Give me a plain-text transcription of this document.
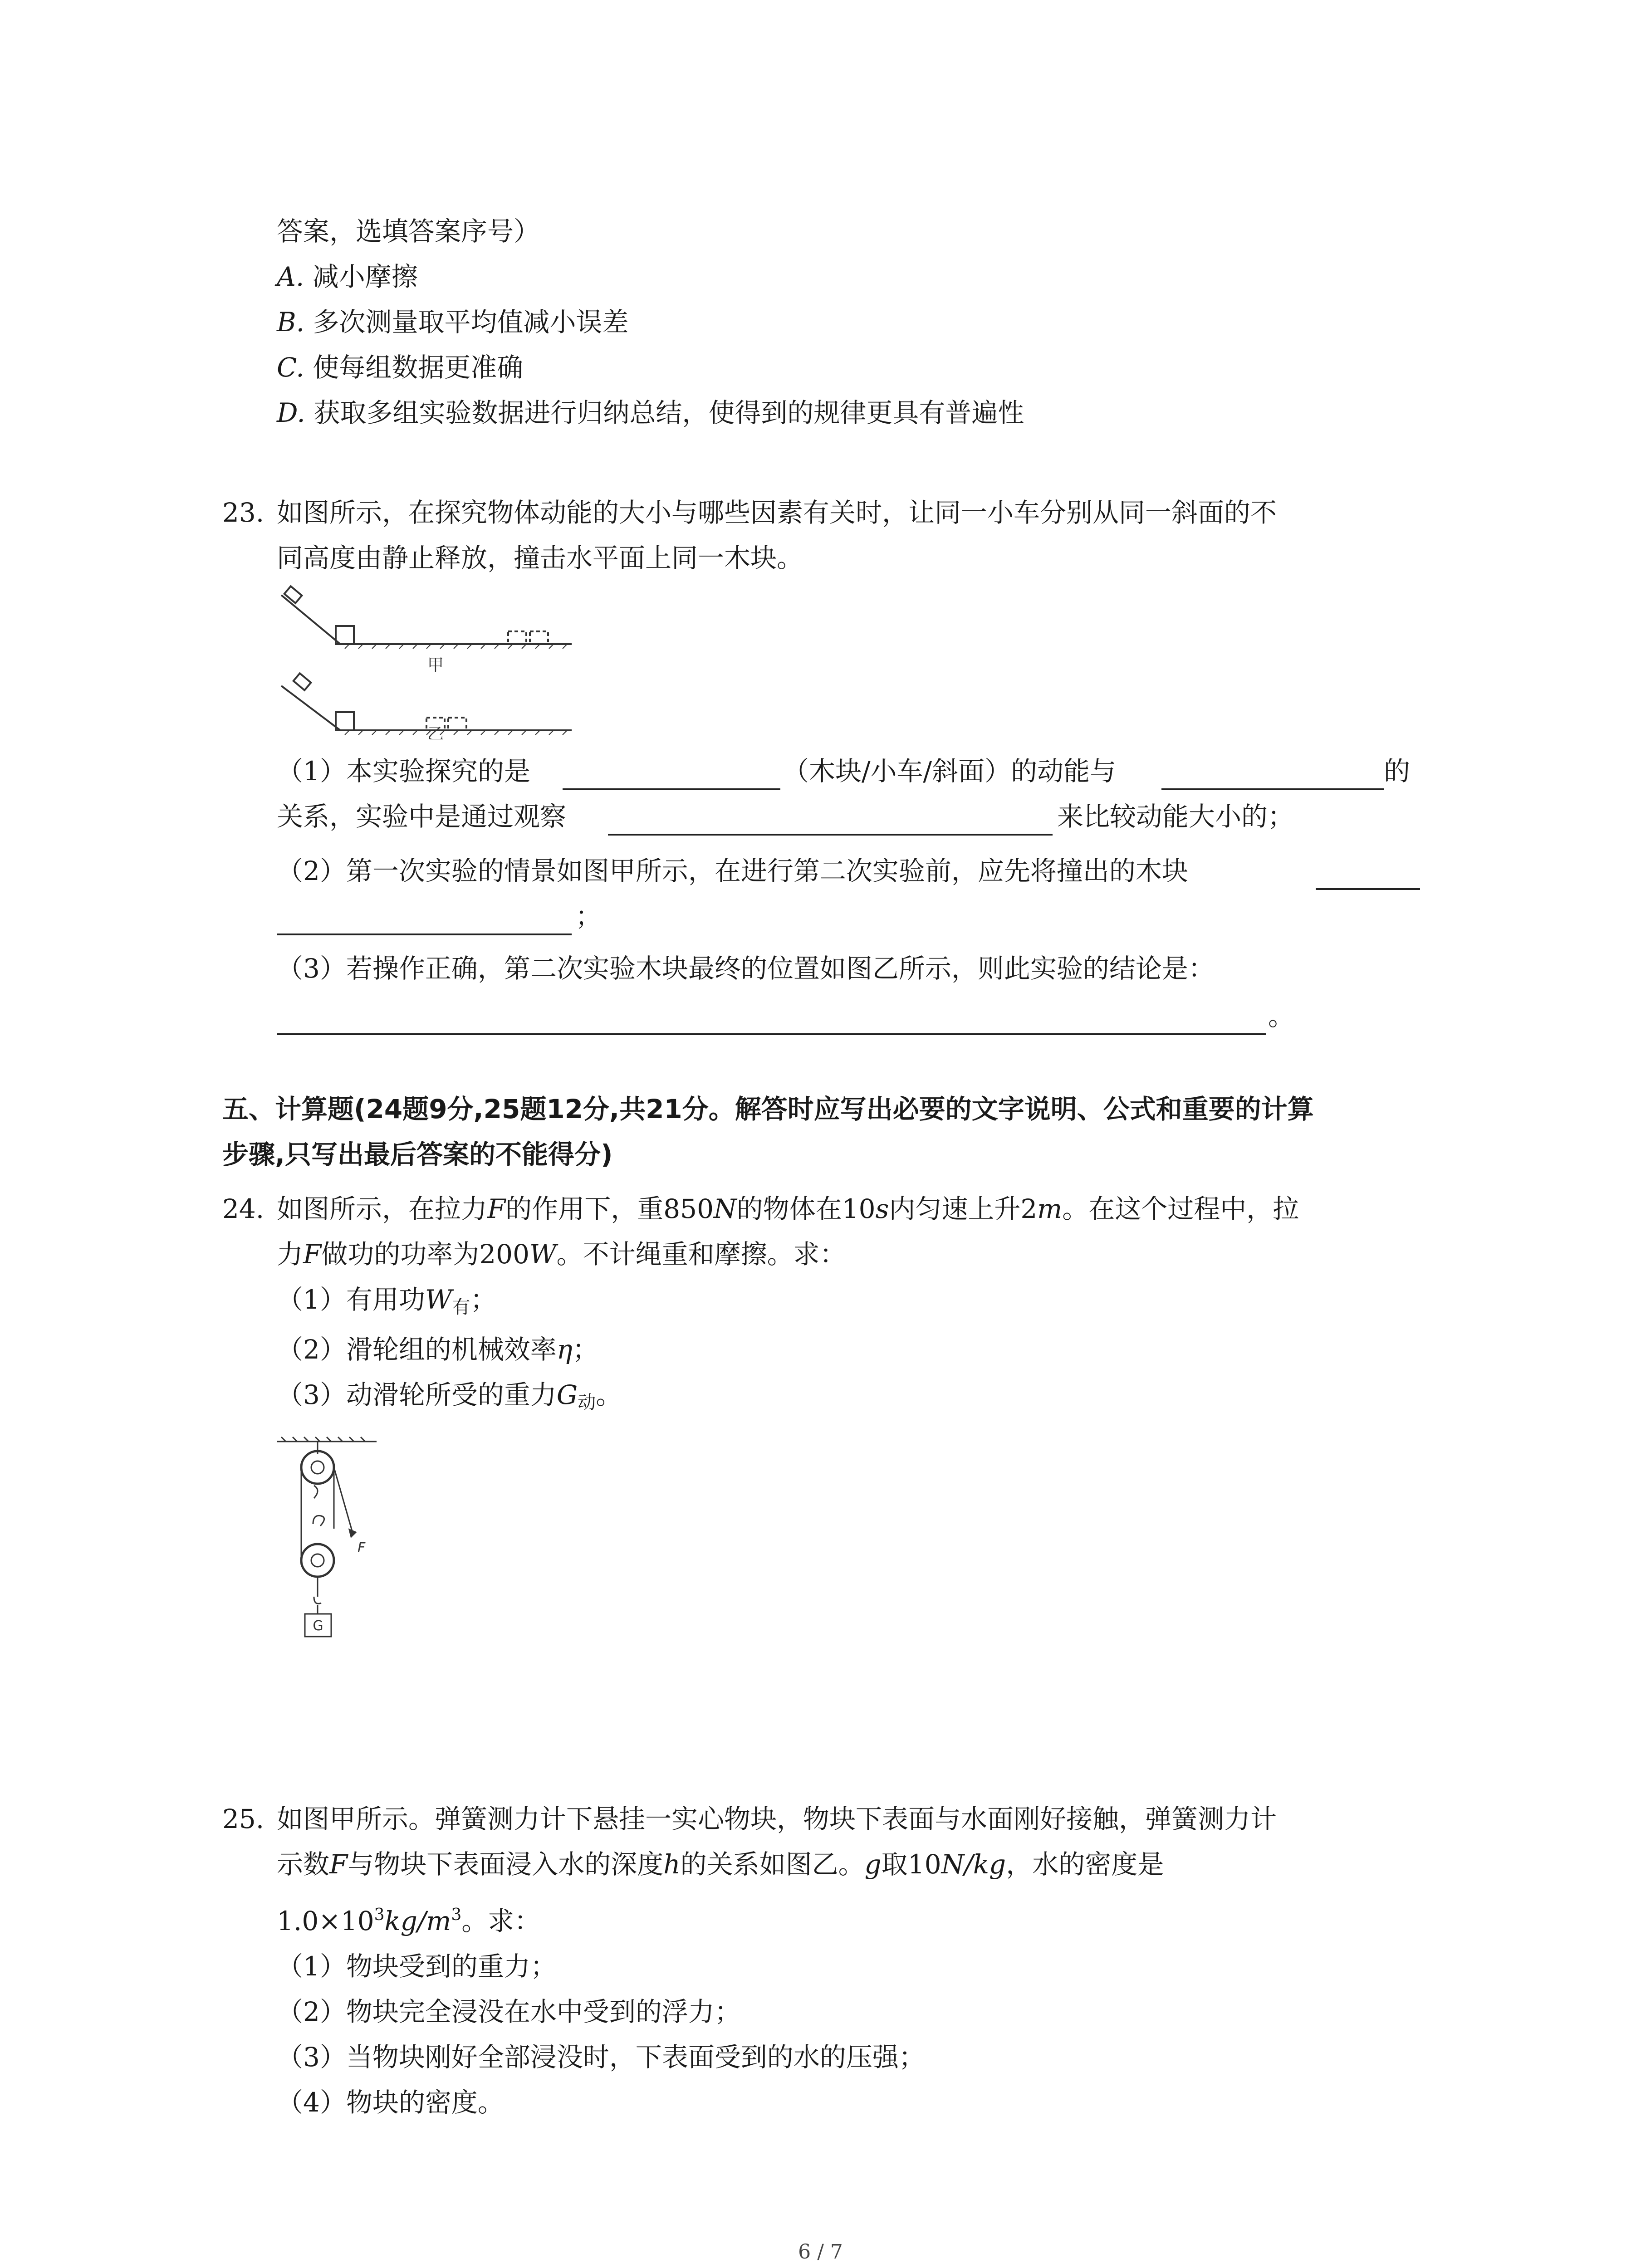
答案，选填答案序号）
A. 减小摩擦
B. 多次测量取平均值减小误差
C. 使每组数据更准确
D. 获取多组实验数据进行归纳总结，使得到的规律更具有普遍性
23. 如图所示，在探究物体动能的大小与哪些因素有关时，让同一小车分别从同一斜面的不
同高度由静止释放，撞击水平面上同一木块。
甲
乙
（1）本实验探究的是	（木块/小车/斜面）的动能与	的
关系，实验中是通过观察	来比较动能大小的；
（2）第一次实验的情景如图甲所示，在进行第二次实验前，应先将撞出的木块
；
（3）若操作正确，第二次实验木块最终的位置如图乙所示，则此实验的结论是：
。
五、计算题(24题9分,25题12分,共21分。解答时应写出必要的文字说明、公式和重要的计算
步骤,只写出最后答案的不能得分)
24. 如图所示，在拉力F的作用下，重850N的物体在10s内匀速上升2m。在这个过程中，拉
力F做功的功率为200W。不计绳重和摩擦。求：
（1）有用功$W_有$；
（2）滑轮组的机械效率η；
（3）动滑轮所受的重力$G_动$。
F
G
25. 如图甲所示。弹簧测力计下悬挂一实心物块，物块下表面与水面刚好接触，弹簧测力计
示数F与物块下表面浸入水的深度h的关系如图乙。g取10N/kg，水的密度是
$1.0\times 10^3kg/m^3$。求：
（1）物块受到的重力；
（2）物块完全浸没在水中受到的浮力；
（3）当物块刚好全部浸没时，下表面受到的水的压强；
（4）物块的密度。
6 / 7
